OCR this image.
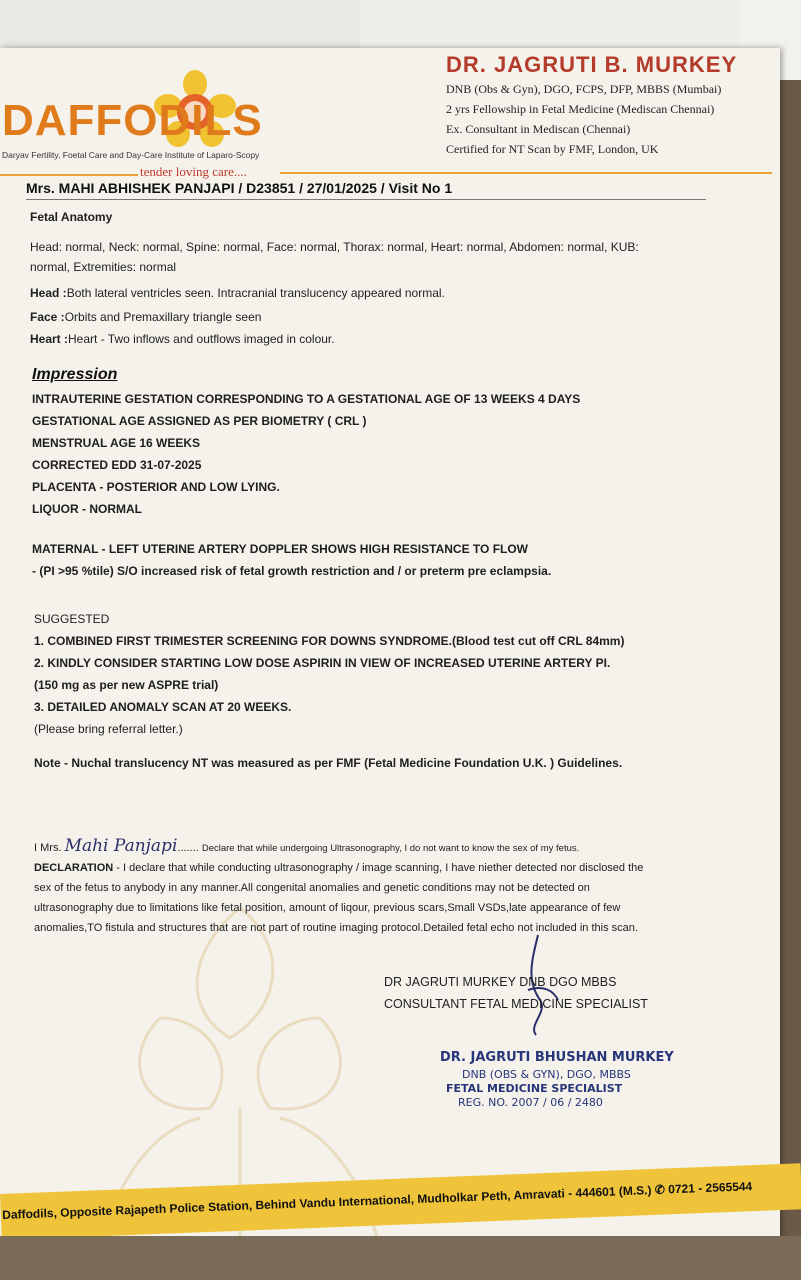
DAFFODILS
Daryav Fertility, Foetal Care and Day-Care Institute of Laparo-Scopy
tender loving care....
DR. JAGRUTI B. MURKEY
DNB (Obs & Gyn), DGO, FCPS, DFP, MBBS (Mumbai)
2 yrs Fellowship in Fetal Medicine (Mediscan Chennai)
Ex. Consultant in Mediscan (Chennai)
Certified for NT Scan by FMF, London, UK
Mrs. MAHI ABHISHEK PANJAPI / D23851 / 27/01/2025 / Visit No 1
Fetal Anatomy
Head: normal, Neck: normal, Spine: normal, Face: normal, Thorax: normal, Heart: normal, Abdomen: normal, KUB:
normal, Extremities: normal
Head :Both lateral ventricles seen. Intracranial translucency appeared normal.
Face :Orbits and Premaxillary triangle seen
Heart :Heart - Two inflows and outflows imaged in colour.
Impression
INTRAUTERINE GESTATION CORRESPONDING TO A GESTATIONAL AGE OF 13 WEEKS 4 DAYS
GESTATIONAL AGE ASSIGNED AS PER BIOMETRY ( CRL )
MENSTRUAL AGE 16 WEEKS
CORRECTED EDD 31-07-2025
PLACENTA - POSTERIOR AND LOW LYING.
LIQUOR - NORMAL
MATERNAL - LEFT UTERINE ARTERY DOPPLER SHOWS HIGH RESISTANCE TO FLOW
- (PI >95 %tile) S/O increased risk of fetal growth restriction and / or preterm pre eclampsia.
SUGGESTED
1. COMBINED FIRST TRIMESTER SCREENING FOR DOWNS SYNDROME.(Blood test cut off CRL 84mm)
2. KINDLY CONSIDER STARTING LOW DOSE ASPIRIN IN VIEW OF INCREASED UTERINE ARTERY PI.
(150 mg as per new ASPRE trial)
3. DETAILED ANOMALY SCAN AT 20 WEEKS.
(Please bring referral letter.)
Note - Nuchal translucency NT was measured as per FMF (Fetal Medicine Foundation U.K. ) Guidelines.
I Mrs. Mahi Panjapi....... Declare that while undergoing Ultrasonography, I do not want to know the sex of my fetus.
DECLARATION - I declare that while conducting ultrasonography / image scanning, I have niether detected nor disclosed the
sex of the fetus to anybody in any manner.All congenital anomalies and genetic conditions may not be detected on
ultrasonography due to limitations like fetal position, amount of liqour, previous scars,Small VSDs,late appearance of few
anomalies,TO fistula and structures that are not part of routine imaging protocol.Detailed fetal echo not included in this scan.
DR JAGRUTI MURKEY DNB DGO MBBS
CONSULTANT FETAL MEDICINE SPECIALIST
DR. JAGRUTI BHUSHAN MURKEY
DNB (OBS & GYN), DGO, MBBS
FETAL MEDICINE SPECIALIST
REG. NO. 2007 / 06 / 2480
Daffodils, Opposite Rajapeth Police Station, Behind Vandu International, Mudholkar Peth, Amravati - 444601 (M.S.) ✆ 0721 - 2565544
